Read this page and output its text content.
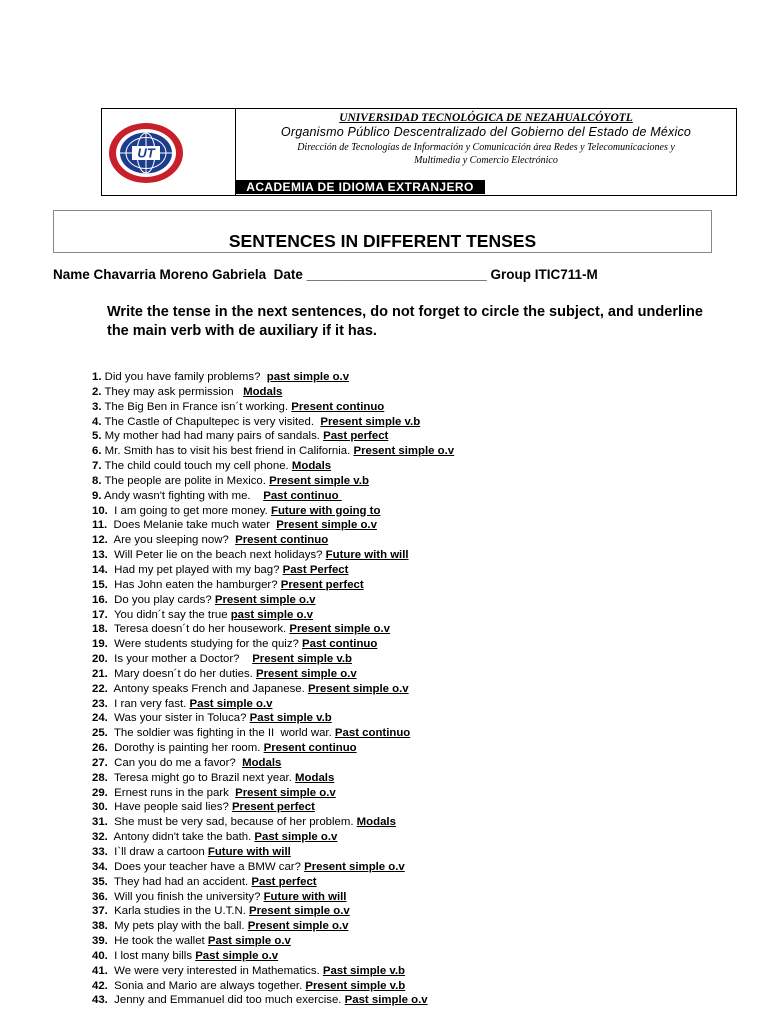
UT
UNIVERSIDAD TECNOLÓGICA DE NEZAHUALCÓYOTL
Organismo Público Descentralizado del Gobierno del Estado de México
Dirección de Tecnologías de Información y Comunicación área Redes y Telecomunicaciones y
Multimedia y Comercio Electrónico
ACADEMIA DE IDIOMA EXTRANJERO
SENTENCES IN DIFFERENT TENSES
Name Chavarria Moreno Gabriela  Date ________________________ Group ITIC711-M
Write the tense in the next sentences, do not forget to circle the subject, and underline the main verb with de auxiliary if it has.
1. Did you have family problems?  past simple o.v
2. They may ask permission   Modals
3. The Big Ben in France isn´t working. Present continuo
4. The Castle of Chapultepec is very visited.  Present simple v.b
5. My mother had had many pairs of sandals. Past perfect
6. Mr. Smith has to visit his best friend in California. Present simple o.v
7. The child could touch my cell phone. Modals
8. The people are polite in Mexico. Present simple v.b
9. Andy wasn't fighting with me.    Past continuo
10.  I am going to get more money. Future with going to
11.  Does Melanie take much water  Present simple o.v
12.  Are you sleeping now?  Present continuo
13.  Will Peter lie on the beach next holidays? Future with will
14.  Had my pet played with my bag? Past Perfect
15.  Has John eaten the hamburger? Present perfect
16.  Do you play cards? Present simple o.v
17.  You didn´t say the true past simple o.v
18.  Teresa doesn´t do her housework. Present simple o.v
19.  Were students studying for the quiz? Past continuo
20.  Is your mother a Doctor?    Present simple v.b
21.  Mary doesn´t do her duties. Present simple o.v
22.  Antony speaks French and Japanese. Present simple o.v
23.  I ran very fast. Past simple o.v
24.  Was your sister in Toluca? Past simple v.b
25.  The soldier was fighting in the II  world war. Past continuo
26.  Dorothy is painting her room. Present continuo
27.  Can you do me a favor?  Modals
28.  Teresa might go to Brazil next year. Modals
29.  Ernest runs in the park  Present simple o.v
30.  Have people said lies? Present perfect
31.  She must be very sad, because of her problem. Modals
32.  Antony didn't take the bath. Past simple o.v
33.  I`ll draw a cartoon Future with will
34.  Does your teacher have a BMW car? Present simple o.v
35.  They had had an accident. Past perfect
36.  Will you finish the university? Future with will
37.  Karla studies in the U.T.N. Present simple o.v
38.  My pets play with the ball. Present simple o.v
39.  He took the wallet Past simple o.v
40.  I lost many bills Past simple o.v
41.  We were very interested in Mathematics. Past simple v.b
42.  Sonia and Mario are always together. Present simple v.b
43.  Jenny and Emmanuel did too much exercise. Past simple o.v
